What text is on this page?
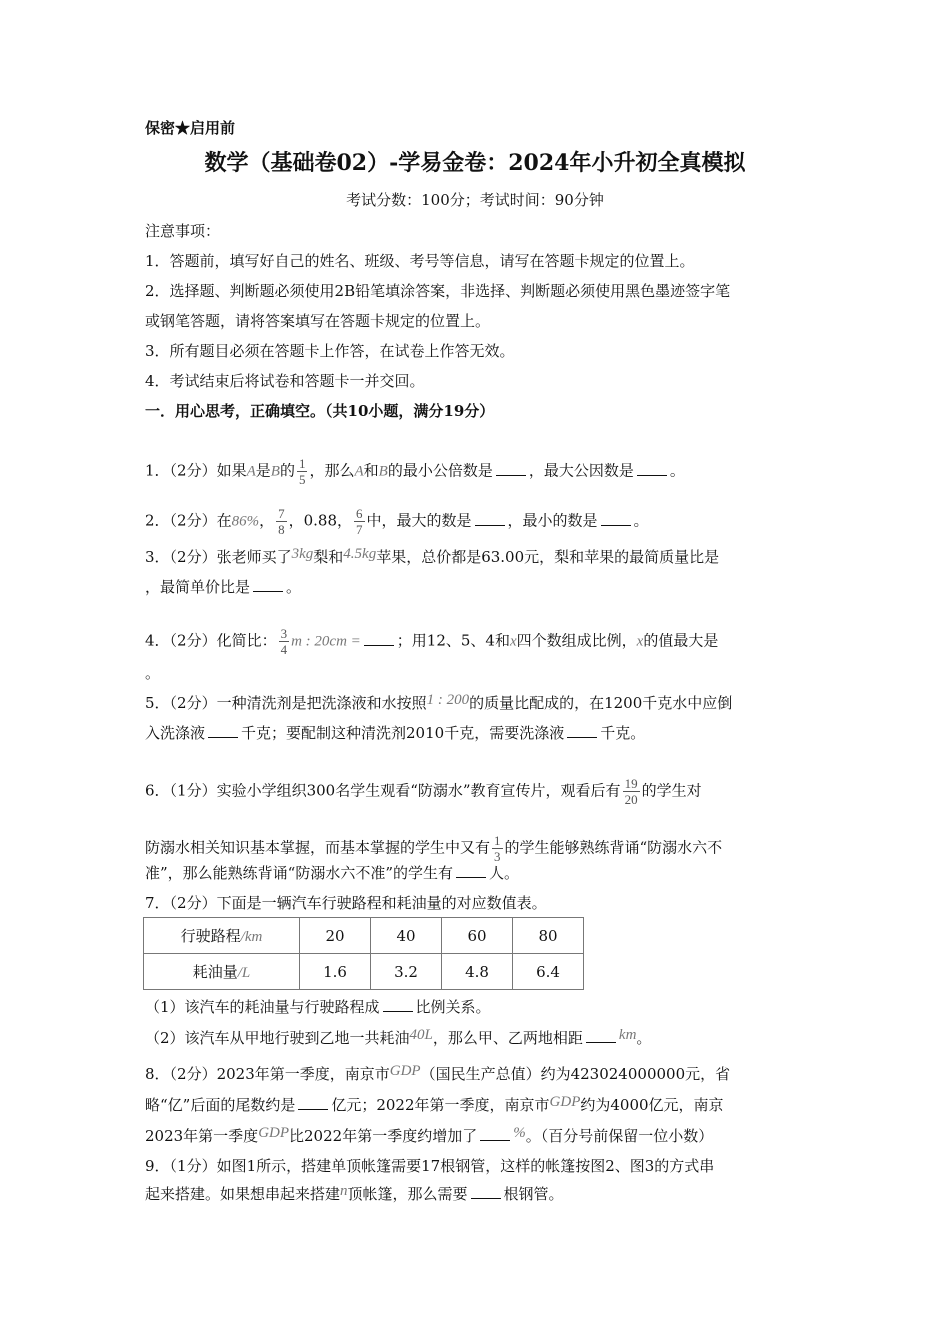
保密★启用前
数学（基础卷02）-学易金卷：2024年小升初全真模拟
考试分数：100分；考试时间：90分钟
注意事项：
1．答题前，填写好自己的姓名、班级、考号等信息，请写在答题卡规定的位置上。
2．选择题、判断题必须使用2B铅笔填涂答案，非选择、判断题必须使用黑色墨迹签字笔
或钢笔答题，请将答案填写在答题卡规定的位置上。
3．所有题目必须在答题卡上作答，在试卷上作答无效。
4．考试结束后将试卷和答题卡一并交回。
一．用心思考，正确填空。（共10小题，满分19分）
1．（2分）如果A是B的 $\frac{1}{5}$ ，那么A和B的最小公倍数是 ，最大公因数是 。
2．（2分）在86%， $\frac{7}{8}$ ，0.88， $\frac{6}{7}$ 中，最大的数是 ，最小的数是 。
3．（2分）张老师买了3kg梨和4.5kg苹果，总价都是63.00元，梨和苹果的最简质量比是
，最简单价比是 。
4．（2分）化简比： $\frac{3}{4}$ m : 20cm = ；用12、5、4和x四个数组成比例，x的值最大是
。
5．（2分）一种清洗剂是把洗涤液和水按照1 : 200的质量比配成的，在1200千克水中应倒
入洗涤液 千克；要配制这种清洗剂2010千克，需要洗涤液 千克。
6．（1分）实验小学组织300名学生观看“防溺水”教育宣传片，观看后有 $\frac{19}{20}$ 的学生对
防溺水相关知识基本掌握，而基本掌握的学生中又有 $\frac{1}{3}$ 的学生能够熟练背诵“防溺水六不
准”，那么能熟练背诵“防溺水六不准”的学生有 人。
7．（2分）下面是一辆汽车行驶路程和耗油量的对应数值表。
行驶路程/km	20	40	60	80
耗油量/L	1.6	3.2	4.8	6.4
（1）该汽车的耗油量与行驶路程成 比例关系。
（2）该汽车从甲地行驶到乙地一共耗油40L，那么甲、乙两地相距 km。
8．（2分）2023年第一季度，南京市GDP（国民生产总值）约为423024000000元，省
略“亿”后面的尾数约是 亿元；2022年第一季度，南京市GDP约为4000亿元，南京
2023年第一季度GDP比2022年第一季度约增加了 %。（百分号前保留一位小数）
9．（1分）如图1所示，搭建单顶帐篷需要17根钢管，这样的帐篷按图2、图3的方式串
起来搭建。如果想串起来搭建n顶帐篷，那么需要 根钢管。
